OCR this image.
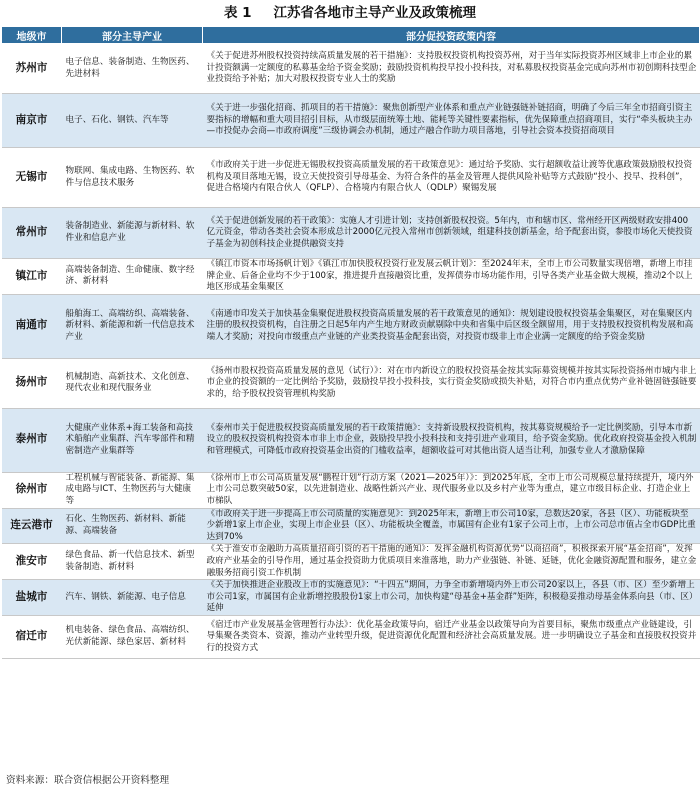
表 1 江苏省各地市主导产业及政策梳理
地级市	部分主导产业	部分促投资政策内容
苏州市	电子信息、装备制造、生物医药、先进材料	《关于促进苏州股权投资持续高质量发展的若干措施》：支持股权投资机构投资苏州，对于当年实际投资苏州区域非上市企业的累计投资额满一定额度的私募基金给予资金奖励；鼓励投资机构投早投小投科技，对私募股权投资基金完成向苏州市初创期科技型企业投资给予补贴；加大对股权投资专业人士的奖励
南京市	电子、石化、钢铁、汽车等	《关于进一步强化招商、抓项目的若干措施》：聚焦创新型产业体系和重点产业链强链补链招商，明确了今后三年全市招商引资主要指标的增幅和重大项目招引目标，从市级层面统筹土地、能耗等关键性要素指标，优先保障重点招商项目，实行“牵头板块主办—市投促办会商—市政府调度”三级协调会办机制，通过产融合作助力项目落地，引导社会资本投资招商项目
无锡市	物联网、集成电路、生物医药、软件与信息技术服务	《市政府关于进一步促进无锡股权投资高质量发展的若干政策意见》：通过给予奖励、实行超额收益让渡等优惠政策鼓励股权投资机构及项目落地无锡，设立天使投资引导母基金、为符合条件的基金及管理人提供风险补贴等方式鼓励“投小、投早、投科创”，促进合格境内有限合伙人（QFLP）、合格境内有限合伙人（QDLP）聚锡发展
常州市	装备制造业、新能源与新材料、软件业和信息产业	《关于促进创新发展的若干政策》：实施人才引进计划；支持创新股权投资。5年内，市和辖市区、常州经开区两级财政安排400亿元资金，带动各类社会资本形成总计2000亿元投入常州市创新领域，组建科技创新基金，给予配套出资，参股市场化天使投资子基金为初创科技企业提供融资支持
镇江市	高端装备制造、生命健康、数字经济、新材料	《镇江市资本市场扬帆计划》《镇江市加快股权投资行业发展云帆计划》：至2024年末，全市上市公司数量实现倍增，新增上市挂牌企业、后备企业均不少于100家，推进提升直接融资比重，发挥债券市场功能作用，引导各类产业基金做大规模，推动2个以上地区形成基金集聚区
南通市	船舶海工、高端纺织、高端装备、新材料、新能源和新一代信息技术产业	《南通市印发关于加快基金集聚促进股权投资高质量发展的若干政策意见的通知》：规划建设股权投资基金集聚区，对在集聚区内注册的股权投资机构，自注册之日起5年内产生地方财政贡献剔除中央和省集中后区级全额留用，用于支持股权投资机构发展和高端人才奖励；对投向市级重点产业链的产业类投资基金配套出资，对投资市级非上市企业满一定额度的给予资金奖励
扬州市	机械制造、高新技术、文化创意、现代农业和现代服务业	《扬州市股权投资高质量发展的意见（试行）》：对在市内新设立的股权投资基金按其实际募资规模并按其实际投资扬州市城内非上市企业的投资额的一定比例给予奖励，鼓励投早投小投科技，实行资金奖励或损失补贴，对符合市内重点优势产业补链固链强链要求的，给予股权投资管理机构奖励
泰州市	大健康产业体系+海工装备和高技术船舶产业集群、汽车零部件和精密制造产业集群等	《泰州市关于促进股权投资高质量发展的若干政策措施》：支持新设股权投资机构，按其募资规模给予一定比例奖励，引导本市新设立的股权投资机构投资本市非上市企业，鼓励投早投小投科技和支持引进产业项目，给予资金奖励。优化政府投资基金投入机制和管理模式，可降低市政府投资基金出资的门槛收益率，超额收益可对其他出资人适当让利，加强专业人才激励保障
徐州市	工程机械与智能装备、新能源、集成电路与ICT、生物医药与大健康等	《徐州市上市公司高质量发展“鹏程计划”行动方案（2021—2025年）》：到2025年底，全市上市公司规模总量持续提升，境内外上市公司总数突破50家，以先进制造业、战略性新兴产业、现代服务业以及乡村产业等为重点，建立市级目标企业、打造企业上市梯队
连云港市	石化、生物医药、新材料、新能源、高端装备	《市政府关于进一步提高上市公司质量的实施意见》：到2025年末，新增上市公司10家，总数达20家，各县（区）、功能板块至少新增1家上市企业，实现上市企业县（区）、功能板块全覆盖，市属国有企业有1家子公司上市，上市公司总市值占全市GDP比重达到70%
淮安市	绿色食品、新一代信息技术、新型装备制造、新材料	《关于淮安市金融助力高质量招商引资的若干措施的通知》：发挥金融机构资源优势“以商招商”，积极探索开展“基金招商”，发挥政府产业基金的引导作用，通过基金投资助力优质项目来淮落地，助力产业强链、补链、延链，优化金融资源配置和服务，建立金融服务招商引资工作机制
盐城市	汽车、钢铁、新能源、电子信息	《关于加快推进企业股改上市的实施意见》：“十四五”期间，力争全市新增境内外上市公司20家以上，各县（市、区）至少新增上市公司1家，市属国有企业新增控股股份1家上市公司，加快构建“母基金+基金群”矩阵，积极稳妥推动母基金体系向县（市、区）延伸
宿迁市	机电装备、绿色食品、高端纺织、光伏新能源、绿色家居、新材料	《宿迁市产业发展基金管理暂行办法》：优化基金政策导向，宿迁产业基金以政策导向为首要目标，聚焦市级重点产业链建设，引导集聚各类资本、资源，推动产业转型升级，促进资源优化配置和经济社会高质量发展。进一步明确设立子基金和直接股权投资并行的投资方式
资料来源：联合资信根据公开资料整理
